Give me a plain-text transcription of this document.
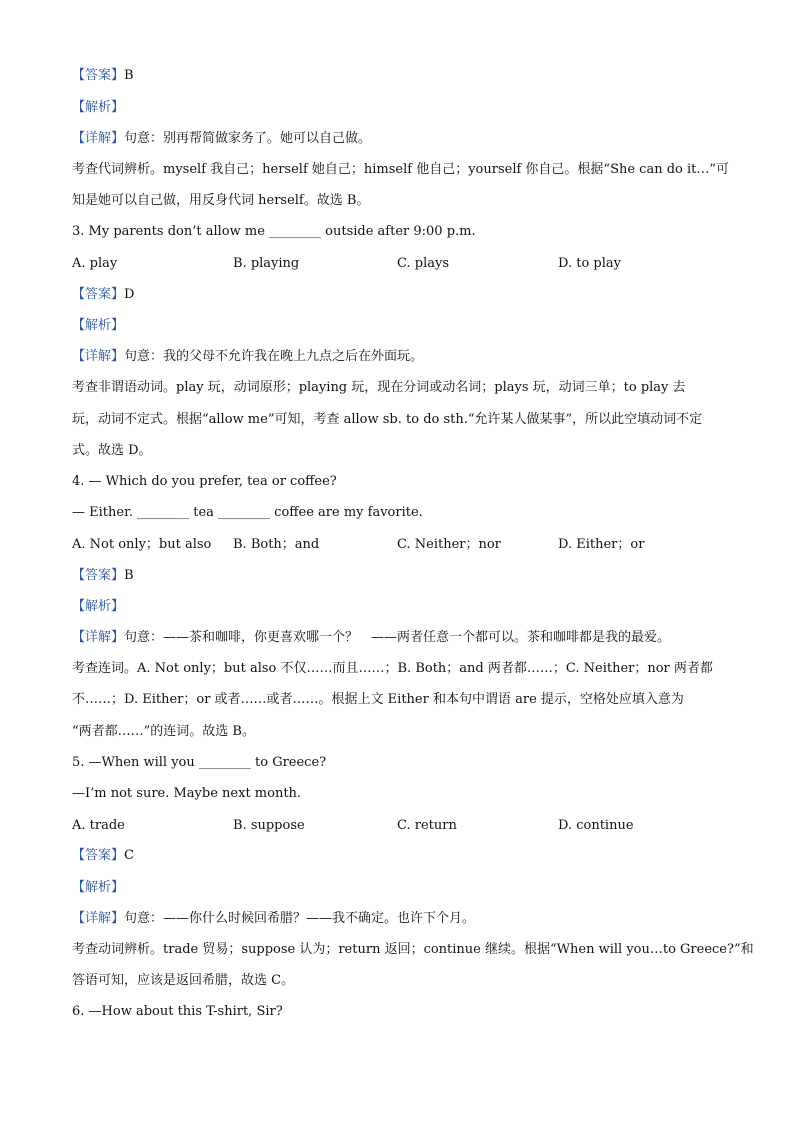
【答案】B
【解析】
【详解】句意：别再帮简做家务了。她可以自己做。
考查代词辨析。myself 我自己；herself 她自己；himself 他自己；yourself 你自己。根据“She can do it…”可
知是她可以自己做，用反身代词 herself。故选 B。
3. My parents don’t allow me ________ outside after 9:00 p.m.
A. play	B. playing	C. plays	D. to play
【答案】D
【解析】
【详解】句意：我的父母不允许我在晚上九点之后在外面玩。
考查非谓语动词。play 玩，动词原形；playing 玩，现在分词或动名词；plays 玩，动词三单；to play 去
玩，动词不定式。根据“allow me”可知，考查 allow sb. to do sth.“允许某人做某事”，所以此空填动词不定
式。故选 D。
4. — Which do you prefer, tea or coffee?
— Either. ________ tea ________ coffee are my favorite.
A. Not only；but also B. Both；and	C. Neither；nor	D. Either；or
【答案】B
【解析】
【详解】句意：——茶和咖啡，你更喜欢哪一个？　——两者任意一个都可以。茶和咖啡都是我的最爱。
考查连词。A. Not only；but also 不仅……而且……；B. Both；and 两者都……；C. Neither；nor 两者都
不……；D. Either；or 或者……或者……。根据上文 Either 和本句中谓语 are 提示，空格处应填入意为
“两者都……”的连词。故选 B。
5. —When will you ________ to Greece?
—I’m not sure. Maybe next month.
A. trade	B. suppose	C. return	D. continue
【答案】C
【解析】
【详解】句意：——你什么时候回希腊？——我不确定。也许下个月。
考查动词辨析。trade 贸易；suppose 认为；return 返回；continue 继续。根据“When will you…to Greece?”和
答语可知，应该是返回希腊，故选 C。
6. —How about this T-shirt, Sir?
